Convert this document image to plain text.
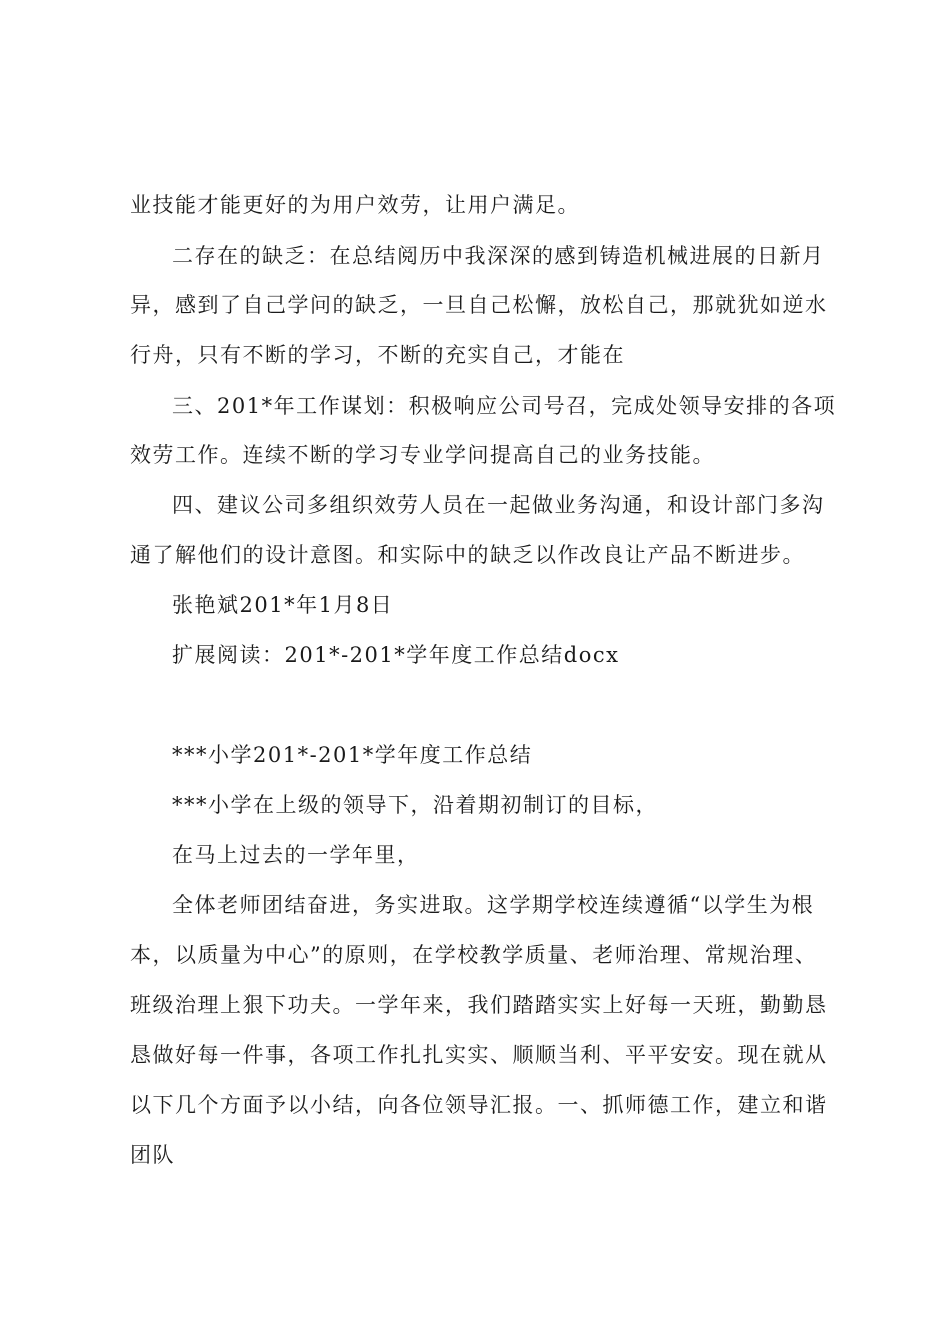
业技能才能更好的为用户效劳，让用户满足。
二存在的缺乏：在总结阅历中我深深的感到铸造机械进展的日新月
异，感到了自己学问的缺乏，一旦自己松懈，放松自己，那就犹如逆水
行舟，只有不断的学习，不断的充实自己，才能在
三、201*年工作谋划：积极响应公司号召，完成处领导安排的各项
效劳工作。连续不断的学习专业学问提高自己的业务技能。
四、建议公司多组织效劳人员在一起做业务沟通，和设计部门多沟
通了解他们的设计意图。和实际中的缺乏以作改良让产品不断进步。
张艳斌201*年1月8日
扩展阅读：201*-201*学年度工作总结docx
***小学201*-201*学年度工作总结
***小学在上级的领导下，沿着期初制订的目标，
在马上过去的一学年里，
全体老师团结奋进，务实进取。这学期学校连续遵循“以学生为根
本，以质量为中心”的原则，在学校教学质量、老师治理、常规治理、
班级治理上狠下功夫。一学年来，我们踏踏实实上好每一天班，勤勤恳
恳做好每一件事，各项工作扎扎实实、顺顺当利、平平安安。现在就从
以下几个方面予以小结，向各位领导汇报。一、抓师德工作，建立和谐
团队
